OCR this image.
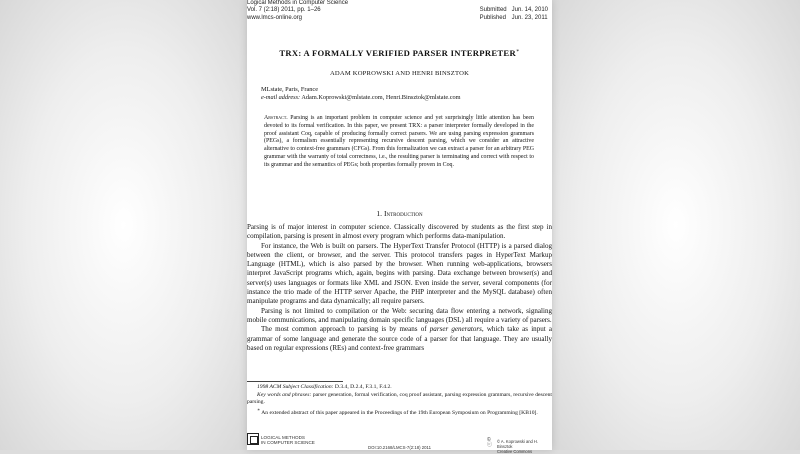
Logical Methods in Computer Science
Vol. 7 (2:18) 2011, pp. 1–26
www.lmcs-online.org
Submitted Jun. 14, 2010
Published Jun. 23, 2011
TRX: A FORMALLY VERIFIED PARSER INTERPRETER∗
ADAM KOPROWSKI AND HENRI BINSZTOK
MLstate, Paris, France
e-mail address: Adam.Koprowski@mlstate.com, Henri.Binsztok@mlstate.com
Abstract. Parsing is an important problem in computer science and yet surprisingly little attention has been devoted to its formal verification. In this paper, we present TRX: a parser interpreter formally developed in the proof assistant Coq, capable of producing formally correct parsers. We are using parsing expression grammars (PEGs), a formalism essentially representing recursive descent parsing, which we consider an attractive alternative to context-free grammars (CFGs). From this formalization we can extract a parser for an arbitrary PEG grammar with the warranty of total correctness, i.e., the resulting parser is terminating and correct with respect to its grammar and the semantics of PEGs; both properties formally proven in Coq.
1. Introduction

Parsing is of major interest in computer science. Classically discovered by students as the first step in compilation, parsing is present in almost every program which performs data-manipulation.

For instance, the Web is built on parsers. The HyperText Transfer Protocol (HTTP) is a parsed dialog between the client, or browser, and the server. This protocol transfers pages in HyperText Markup Language (HTML), which is also parsed by the browser. When running web-applications, browsers interpret JavaScript programs which, again, begins with parsing. Data exchange between browser(s) and server(s) uses languages or formats like XML and JSON. Even inside the server, several components (for instance the trio made of the HTTP server Apache, the PHP interpreter and the MySQL database) often manipulate programs and data dynamically; all require parsers.

Parsing is not limited to compilation or the Web: securing data flow entering a network, signaling mobile communications, and manipulating domain specific languages (DSL) all require a variety of parsers.

The most common approach to parsing is by means of parser generators, which take as input a grammar of some language and generate the source code of a parser for that language. They are usually based on regular expressions (REs) and context-free grammars

1998 ACM Subject Classification: D.3.4, D.2.4, F.3.1, F.4.2.

Key words and phrases: parser generation, formal verification, coq proof assistant, parsing expression grammars, recursive descent parsing.

∗ An extended abstract of this paper appeared in the Proceedings of the 19th European Symposium on Programming [KB10].

LOGICAL METHODS
IN COMPUTER SCIENCE
DOI:10.2168/LMCS-7(2:18) 2011
©
ⓒ
© A. Koprowski and H. Binsztok
Creative Commons
